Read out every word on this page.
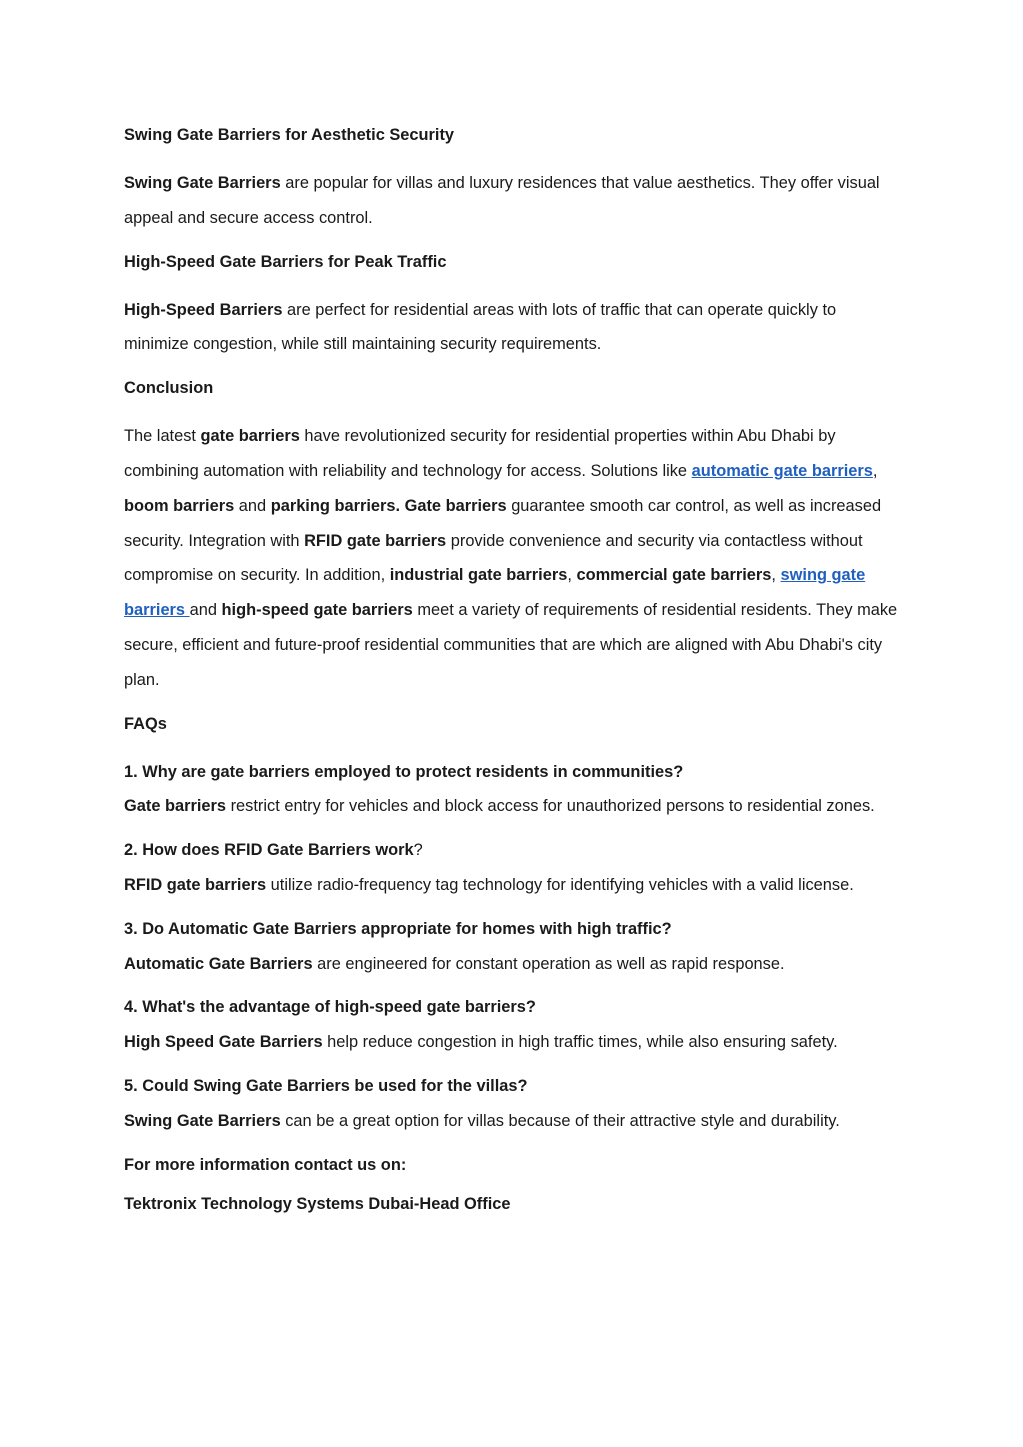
Swing Gate Barriers for Aesthetic Security

Swing Gate Barriers are popular for villas and luxury residences that value aesthetics. They offer visual appeal and secure access control.

High-Speed Gate Barriers for Peak Traffic

High-Speed Barriers are perfect for residential areas with lots of traffic that can operate quickly to minimize congestion, while still maintaining security requirements.

Conclusion

The latest gate barriers have revolutionized security for residential properties within Abu Dhabi by combining automation with reliability and technology for access. Solutions like automatic gate barriers, boom barriers and parking barriers. Gate barriers guarantee smooth car control, as well as increased security. Integration with RFID gate barriers provide convenience and security via contactless without compromise on security. In addition, industrial gate barriers, commercial gate barriers, swing gate barriers and high-speed gate barriers meet a variety of requirements of residential residents. They make secure, efficient and future-proof residential communities that are which are aligned with Abu Dhabi's city plan.

FAQs

1. Why are gate barriers employed to protect residents in communities?

Gate barriers restrict entry for vehicles and block access for unauthorized persons to residential zones.

2. How does RFID Gate Barriers work?

RFID gate barriers utilize radio-frequency tag technology for identifying vehicles with a valid license.

3. Do Automatic Gate Barriers appropriate for homes with high traffic?

Automatic Gate Barriers are engineered for constant operation as well as rapid response.

4. What's the advantage of high-speed gate barriers?

High Speed Gate Barriers help reduce congestion in high traffic times, while also ensuring safety.

5. Could Swing Gate Barriers be used for the villas?

Swing Gate Barriers can be a great option for villas because of their attractive style and durability.

For more information contact us on:

Tektronix Technology Systems Dubai-Head Office
